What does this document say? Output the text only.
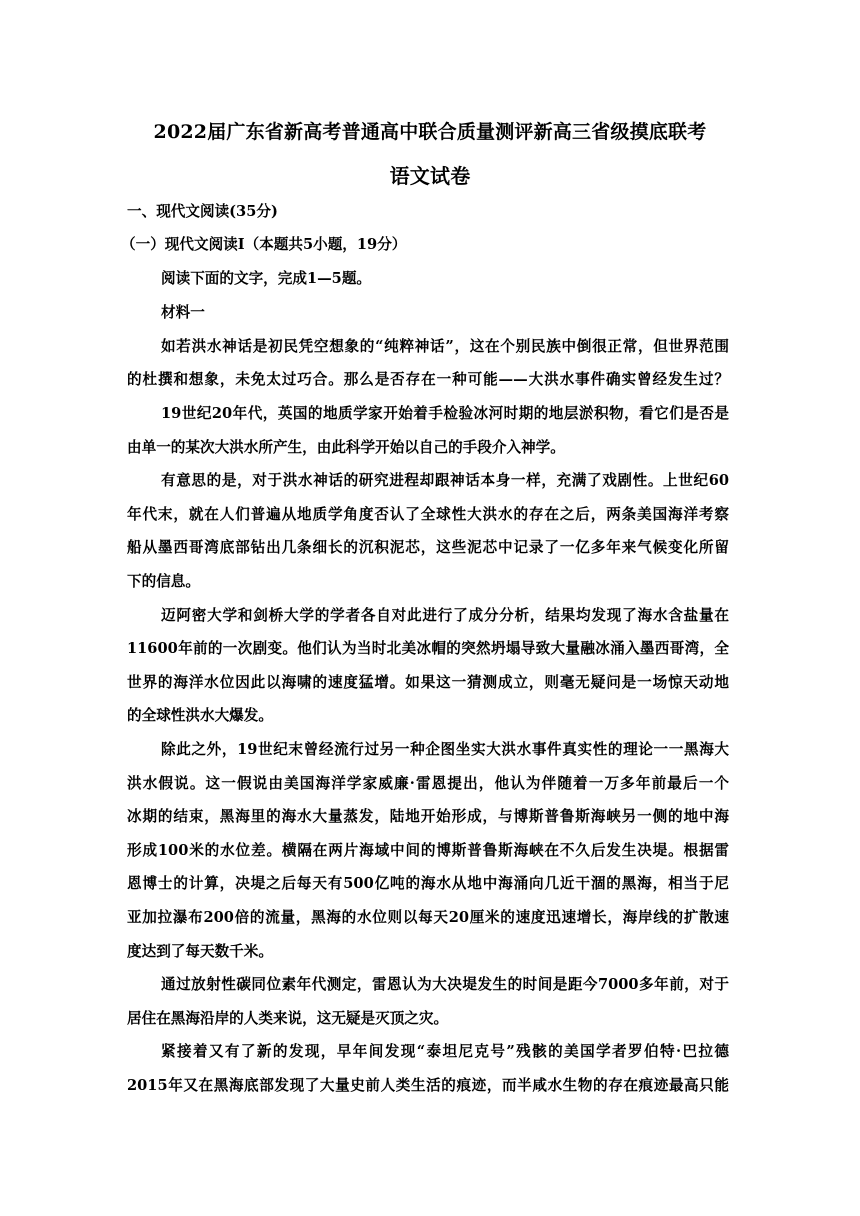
2022届广东省新高考普通高中联合质量测评新高三省级摸底联考
语文试卷
一、现代文阅读(35分)
（一）现代文阅读I（本题共5小题，19分）
阅读下面的文字，完成1—5题。
材料一
如若洪水神话是初民凭空想象的“纯粹神话”，这在个别民族中倒很正常，但世界范围
的杜撰和想象，未免太过巧合。那么是否存在一种可能——大洪水事件确实曾经发生过？
19世纪20年代，英国的地质学家开始着手检验冰河时期的地层淤积物，看它们是否是
由单一的某次大洪水所产生，由此科学开始以自己的手段介入神学。
有意思的是，对于洪水神话的研究进程却跟神话本身一样，充满了戏剧性。上世纪60
年代末，就在人们普遍从地质学角度否认了全球性大洪水的存在之后，两条美国海洋考察
船从墨西哥湾底部钻出几条细长的沉积泥芯，这些泥芯中记录了一亿多年来气候变化所留
下的信息。
迈阿密大学和剑桥大学的学者各自对此进行了成分分析，结果均发现了海水含盐量在
11600年前的一次剧变。他们认为当时北美冰帽的突然坍塌导致大量融冰涌入墨西哥湾，全
世界的海洋水位因此以海啸的速度猛增。如果这一猜测成立，则毫无疑问是一场惊天动地
的全球性洪水大爆发。
除此之外，19世纪末曾经流行过另一种企图坐实大洪水事件真实性的理论一一黑海大
洪水假说。这一假说由美国海洋学家威廉·雷恩提出，他认为伴随着一万多年前最后一个
冰期的结束，黑海里的海水大量蒸发，陆地开始形成，与博斯普鲁斯海峡另一侧的地中海
形成100米的水位差。横隔在两片海域中间的博斯普鲁斯海峡在不久后发生决堤。根据雷
恩博士的计算，决堤之后每天有500亿吨的海水从地中海涌向几近干涸的黑海，相当于尼
亚加拉瀑布200倍的流量，黑海的水位则以每天20厘米的速度迅速增长，海岸线的扩散速
度达到了每天数千米。
通过放射性碳同位素年代测定，雷恩认为大决堤发生的时间是距今7000多年前，对于
居住在黑海沿岸的人类来说，这无疑是灭顶之灾。
紧接着又有了新的发现，早年间发现“泰坦尼克号”残骸的美国学者罗伯特·巴拉德
2015年又在黑海底部发现了大量史前人类生活的痕迹，而半咸水生物的存在痕迹最高只能
